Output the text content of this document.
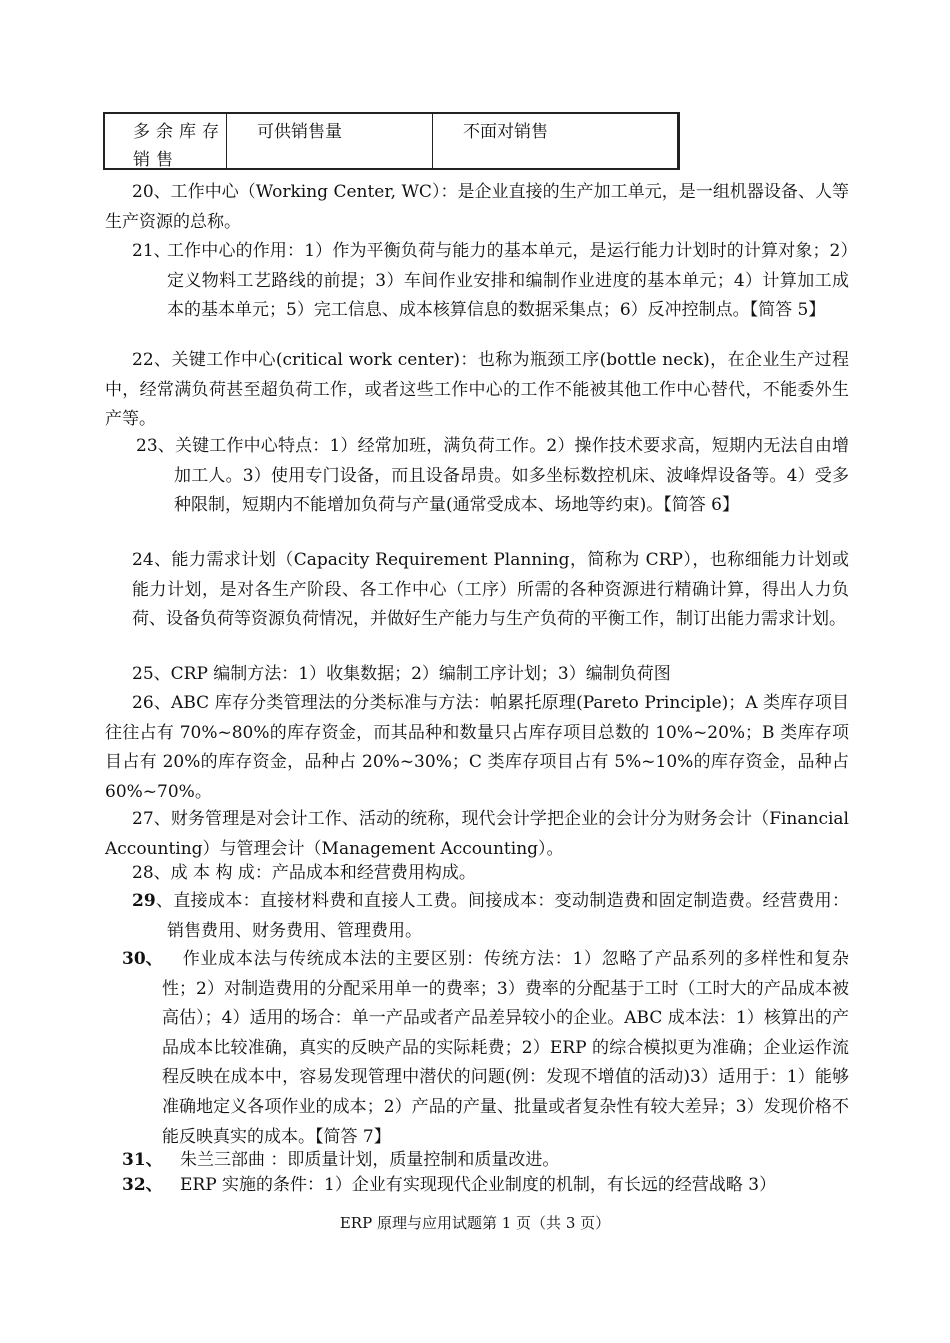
多余库存销售
可供销售量	不面对销售

20、工作中心（Working Center, WC）：是企业直接的生产加工单元，是一组机器设备、人等生产资源的总称。

21、
工作中心的作用：1）作为平衡负荷与能力的基本单元，是运行能力计划时的计算对象；2）定义物料工艺路线的前提；3）车间作业安排和编制作业进度的基本单元；4）计算加工成本的基本单元；5）完工信息、成本核算信息的数据采集点；6）反冲控制点。【简答 5】

22、关键工作中心(critical work center)：也称为瓶颈工序(bottle neck)，在企业生产过程中，经常满负荷甚至超负荷工作，或者这些工作中心的工作不能被其他工作中心替代，不能委外生产等。

23、关键工作中心特点：1）经常加班，满负荷工作。2）操作技术要求高，短期内无法自由增加工人。3）使用专门设备，而且设备昂贵。如多坐标数控机床、波峰焊设备等。4）受多种限制，短期内不能增加负荷与产量(通常受成本、场地等约束)。【简答 6】

24、能力需求计划（Capacity Requirement Planning，简称为 CRP），也称细能力计划或能力计划，是对各生产阶段、各工作中心（工序）所需的各种资源进行精确计算，得出人力负荷、设备负荷等资源负荷情况，并做好生产能力与生产负荷的平衡工作，制订出能力需求计划。

25、CRP 编制方法：1）收集数据；2）编制工序计划；3）编制负荷图

26、ABC 库存分类管理法的分类标准与方法：帕累托原理(Pareto Principle)；A 类库存项目往往占有 70%~80%的库存资金，而其品种和数量只占库存项目总数的 10%~20%；B 类库存项目占有 20%的库存资金，品种占 20%~30%；C 类库存项目占有 5%~10%的库存资金，品种占 60%~70%。

27、财务管理是对会计工作、活动的统称，现代会计学把企业的会计分为财务会计（Financial Accounting）与管理会计（Management Accounting）。

28、成 本 构 成：产品成本和经营费用构成。

29、直接成本：直接材料费和直接人工费。间接成本：变动制造费和固定制造费。经营费用：销售费用、财务费用、管理费用。

30、 作业成本法与传统成本法的主要区别：传统方法：1）忽略了产品系列的多样性和复杂性；2）对制造费用的分配采用单一的费率；3）费率的分配基于工时（工时大的产品成本被高估）；4）适用的场合：单一产品或者产品差异较小的企业。ABC 成本法：1）核算出的产品成本比较准确，真实的反映产品的实际耗费；2）ERP 的综合模拟更为准确；企业运作流程反映在成本中，容易发现管理中潜伏的问题(例：发现不增值的活动)3）适用于：1）能够准确地定义各项作业的成本；2）产品的产量、批量或者复杂性有较大差异；3）发现价格不能反映真实的成本。【简答 7】

31、 朱兰三部曲 ：即质量计划，质量控制和质量改进。

32、 ERP 实施的条件：1）企业有实现现代企业制度的机制，有长远的经营战略 3）

ERP 原理与应用试题第 1 页（共 3 页）
